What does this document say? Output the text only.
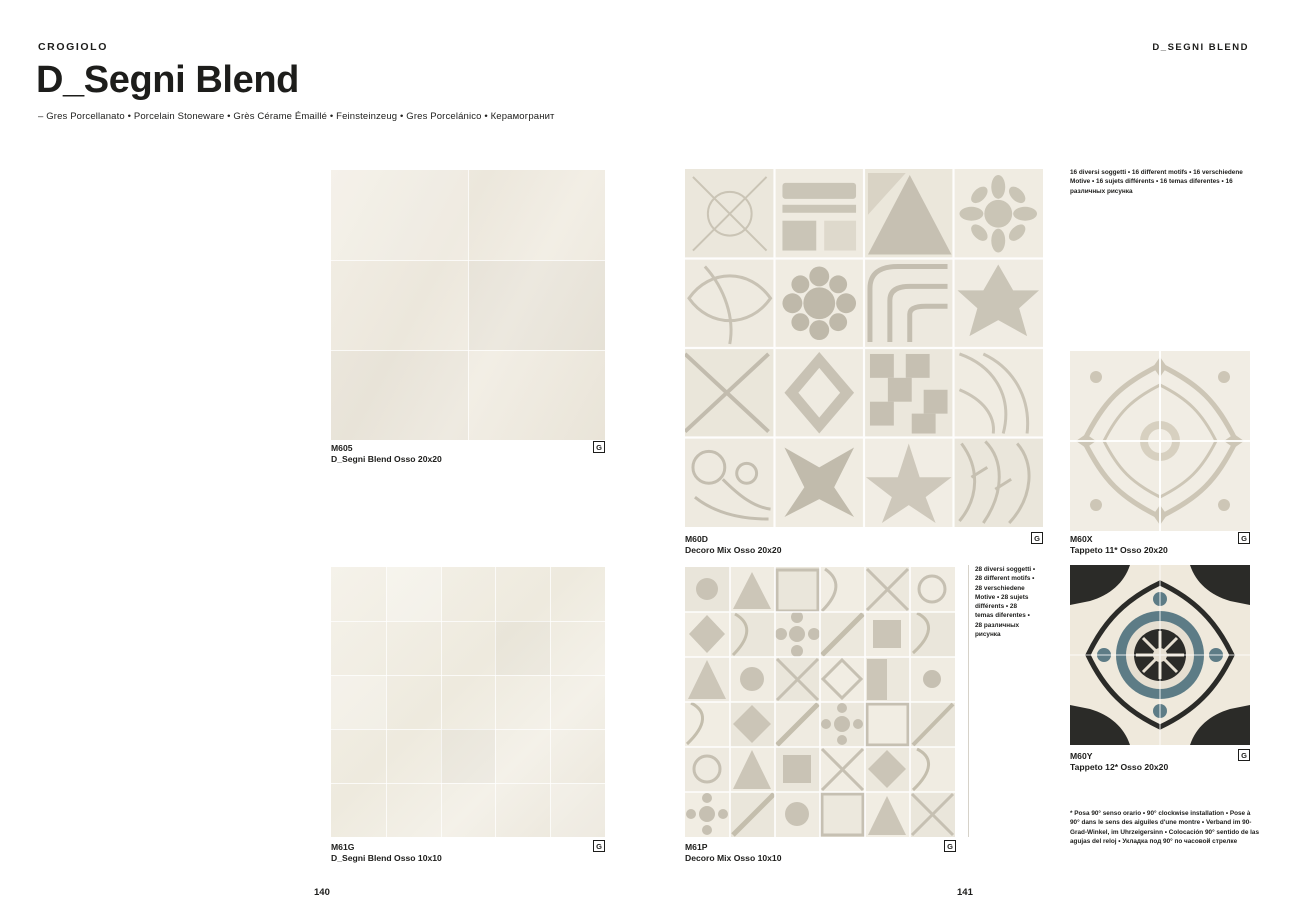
CROGIOLO	D_SEGNI BLEND
D_Segni Blend
– Gres Porcellanato • Porcelain Stoneware • Grès Cérame Émaillé • Feinsteinzeug • Gres Porcelánico • Керамогранит
M605
D_Segni Blend Osso 20x20
G
M61G
D_Segni Blend Osso 10x10
G
M60D
Decoro Mix Osso 20x20
G
M61P
Decoro Mix Osso 10x10
G
M60X
Tappeto 11* Osso 20x20
G
M60Y
Tappeto 12* Osso 20x20
G
16 diversi soggetti • 16 different motifs • 16 verschiedene Motive • 16 sujets différents • 16 temas diferentes • 16 различных рисунка
28 diversi soggetti • 28 different motifs • 28 verschiedene Motive • 28 sujets différents • 28 temas diferentes • 28 различных рисунка
* Posa 90° senso orario • 90° clockwise installation • Pose à 90° dans le sens des aiguiles d'une montre • Verband im 90-Grad-Winkel, im Uhrzeigersinn • Colocación 90° sentido de las agujas del reloj • Укладка под 90° по часовой стрелке
140	141
